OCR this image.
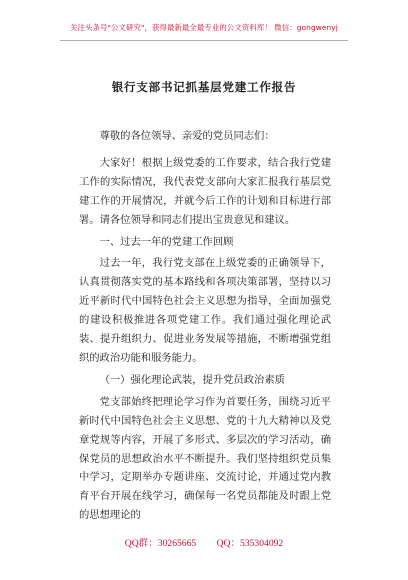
关注头条号"公文研究"，获得最新最全最专业的公文资料库！ 微信：gongwenyj
银行支部书记抓基层党建工作报告

尊敬的各位领导、亲爱的党员同志们：

大家好！根据上级党委的工作要求，结合我行党建工作的实际情况，我代表党支部向大家汇报我行基层党建工作的开展情况，并就今后工作的计划和目标进行部署。请各位领导和同志们提出宝贵意见和建议。

一、过去一年的党建工作回顾

过去一年，我行党支部在上级党委的正确领导下，认真贯彻落实党的基本路线和各项决策部署，坚持以习近平新时代中国特色社会主义思想为指导，全面加强党的建设积极推进各项党建工作。我们通过强化理论武装、提升组织力、促进业务发展等措施，不断增强党组织的政治功能和服务能力。

（一）强化理论武装，提升党员政治素质

党支部始终把理论学习作为首要任务，围绕习近平新时代中国特色社会主义思想、党的十九大精神以及党章党规等内容，开展了多形式、多层次的学习活动，确保党员的思想政治水平不断提升。我们坚持组织党员集中学习，定期举办专题讲座、交流讨论，并通过党内教育平台开展在线学习，确保每一名党员都能及时跟上党的思想理论的

QQ群：30265665 QQ：535304092
